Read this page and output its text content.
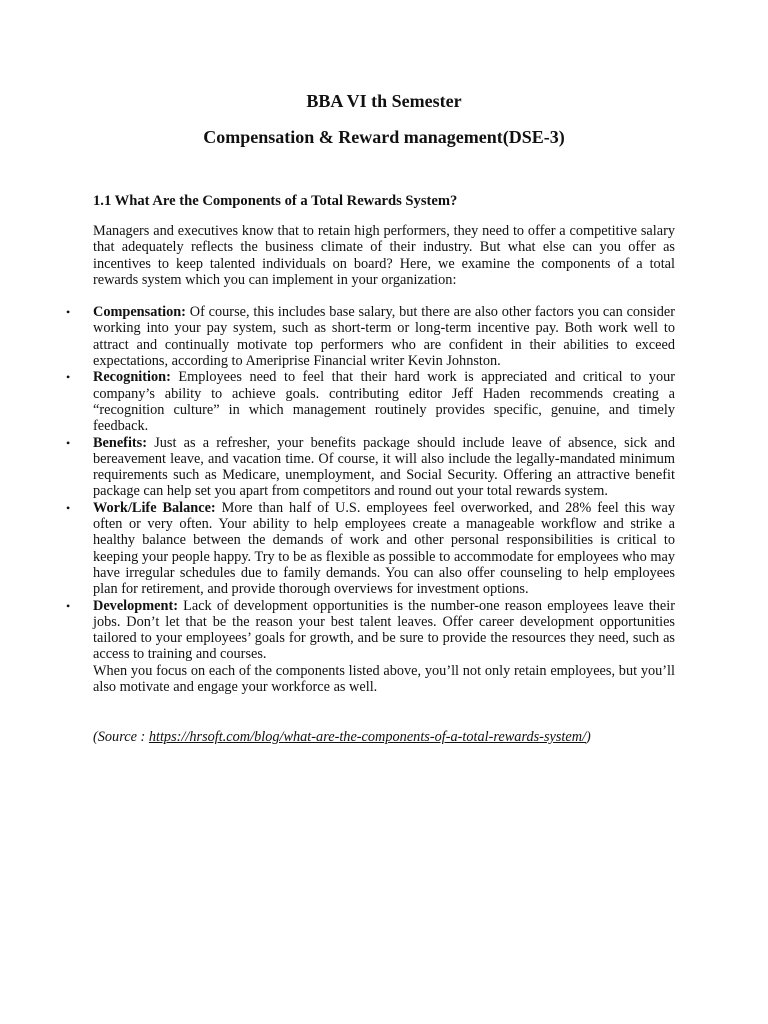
BBA VI th Semester
Compensation & Reward management(DSE-3)
1.1 What Are the Components of a Total Rewards System?

Managers and executives know that to retain high performers, they need to offer a competitive salary that adequately reflects the business climate of their industry. But what else can you offer as incentives to keep talented individuals on board? Here, we examine the components of a total rewards system which you can implement in your organization:

• Compensation: Of course, this includes base salary, but there are also other factors you can consider working into your pay system, such as short-term or long-term incentive pay. Both work well to attract and continually motivate top performers who are confident in their abilities to exceed expectations, according to Ameriprise Financial writer Kevin Johnston.
• Recognition: Employees need to feel that their hard work is appreciated and critical to your company’s ability to achieve goals. contributing editor Jeff Haden recommends creating a “recognition culture” in which management routinely provides specific, genuine, and timely feedback.
• Benefits: Just as a refresher, your benefits package should include leave of absence, sick and bereavement leave, and vacation time. Of course, it will also include the legally-mandated minimum requirements such as Medicare, unemployment, and Social Security. Offering an attractive benefit package can help set you apart from competitors and round out your total rewards system.
• Work/Life Balance: More than half of U.S. employees feel overworked, and 28% feel this way often or very often. Your ability to help employees create a manageable workflow and strike a healthy balance between the demands of work and other personal responsibilities is critical to keeping your people happy. Try to be as flexible as possible to accommodate for employees who may have irregular schedules due to family demands. You can also offer counseling to help employees plan for retirement, and provide thorough overviews for investment options.
• Development: Lack of development opportunities is the number-one reason employees leave their jobs. Don’t let that be the reason your best talent leaves. Offer career development opportunities tailored to your employees’ goals for growth, and be sure to provide the resources they need, such as access to training and courses.

When you focus on each of the components listed above, you’ll not only retain employees, but you’ll also motivate and engage your workforce as well.

(Source : https://hrsoft.com/blog/what-are-the-components-of-a-total-rewards-system/)
